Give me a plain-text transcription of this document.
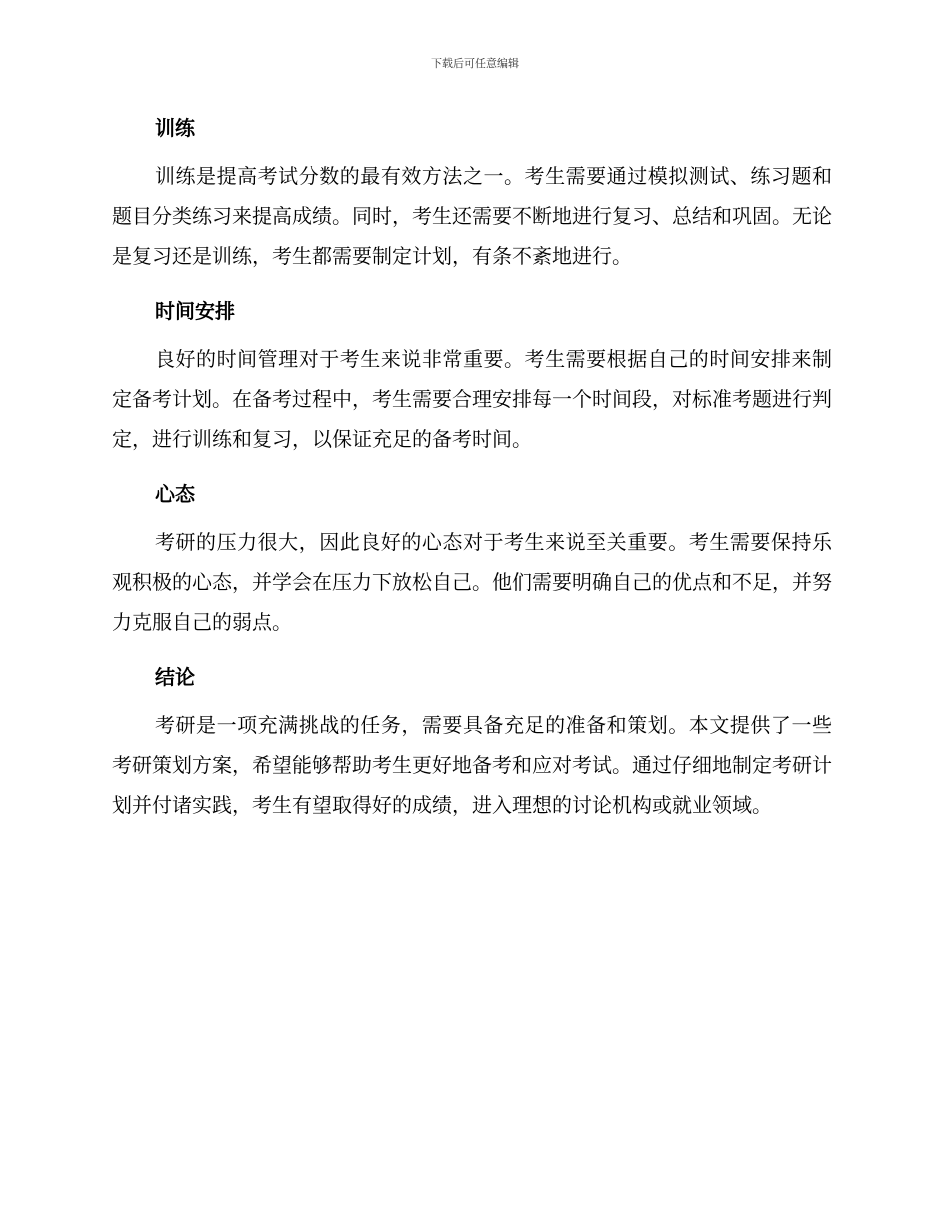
下载后可任意编辑
训练

训练是提高考试分数的最有效方法之一。考生需要通过模拟测试、练习题和题目分类练习来提高成绩。同时，考生还需要不断地进行复习、总结和巩固。无论是复习还是训练，考生都需要制定计划，有条不紊地进行。

时间安排

良好的时间管理对于考生来说非常重要。考生需要根据自己的时间安排来制定备考计划。在备考过程中，考生需要合理安排每一个时间段，对标准考题进行判定，进行训练和复习，以保证充足的备考时间。

心态

考研的压力很大，因此良好的心态对于考生来说至关重要。考生需要保持乐观积极的心态，并学会在压力下放松自己。他们需要明确自己的优点和不足，并努力克服自己的弱点。

结论

考研是一项充满挑战的任务，需要具备充足的准备和策划。本文提供了一些考研策划方案，希望能够帮助考生更好地备考和应对考试。通过仔细地制定考研计划并付诸实践，考生有望取得好的成绩，进入理想的讨论机构或就业领域。
